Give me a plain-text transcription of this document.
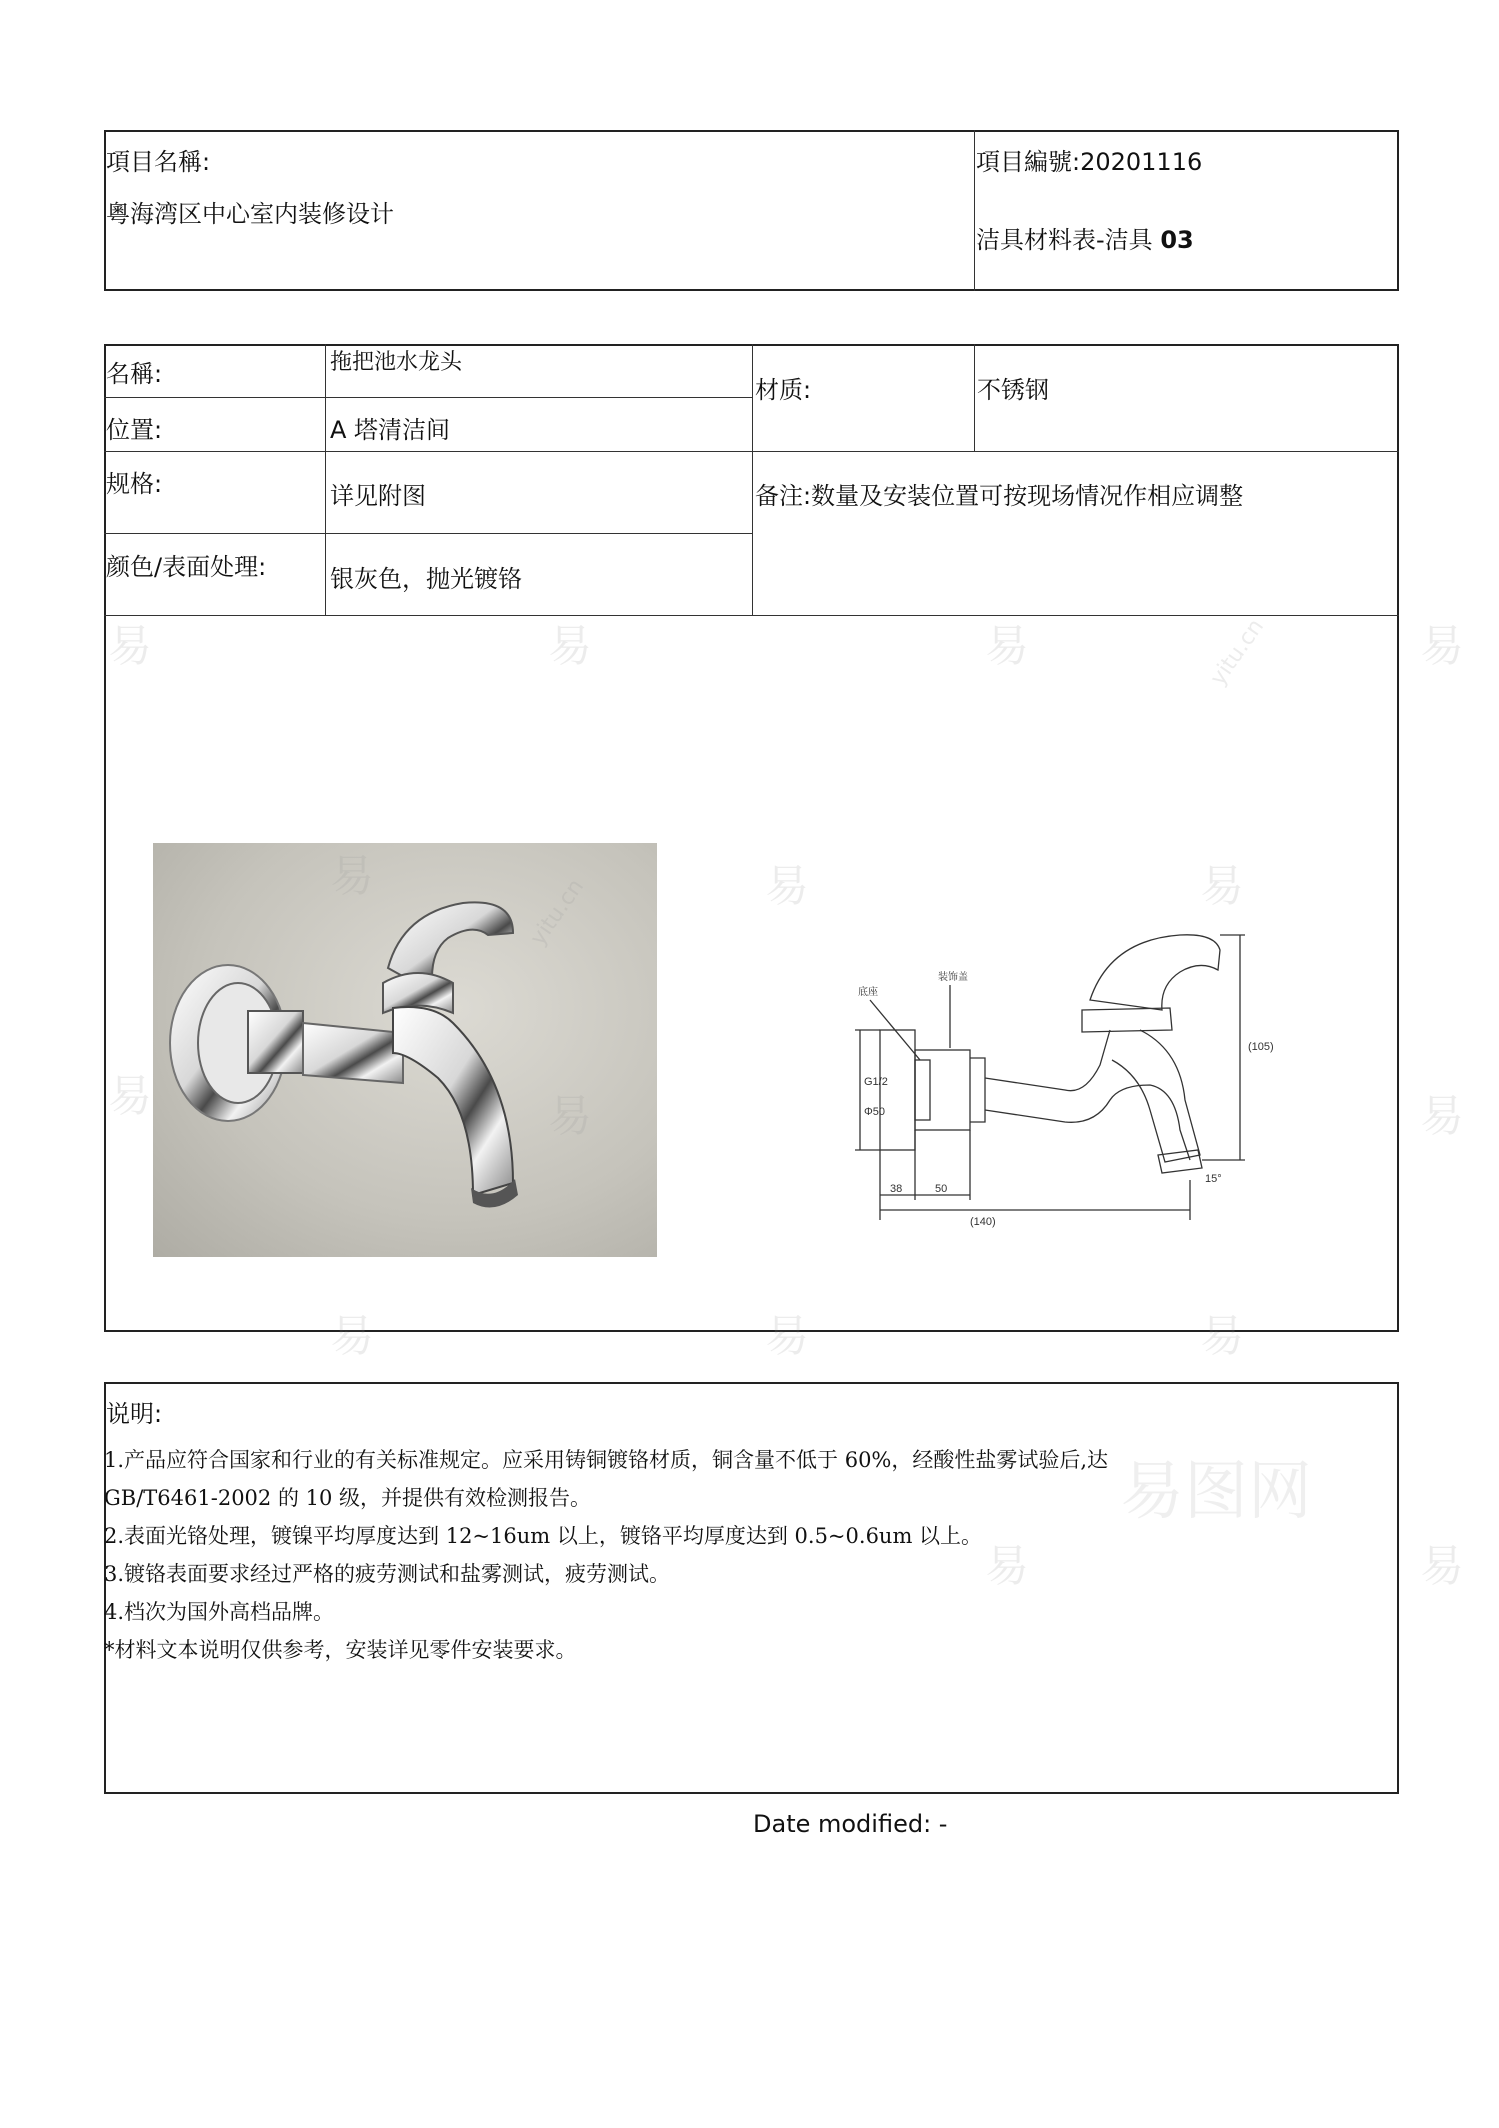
項目名稱:
粵海湾区中心室内装修设计
項目編號:20201116
洁具材料表-洁具 03
名稱:	拖把池水龙头
材质:	不锈钢
位置:	A 塔清洁间
规格:	详见附图	备注:数量及安装位置可按现场情况作相应调整
颜色/表面处理:	银灰色，抛光镀铬
(140)
38	50
(105)
G1/2
Φ50
15°
底座
装饰盖
说明:
1.产品应符合国家和行业的有关标准规定。应采用铸铜镀铬材质，铜含量不低于 60%，经酸性盐雾试验后,达
GB/T6461-2002 的 10 级，并提供有效检测报告。
2.表面光铬处理，镀镍平均厚度达到 12~16um 以上，镀铬平均厚度达到 0.5~0.6um 以上。
3.镀铬表面要求经过严格的疲劳测试和盐雾测试，疲劳测试。
4.档次为国外高档品牌。
*材料文本说明仅供参考，安装详见零件安装要求。
Date modified: -
易	易	易	易
易	易
易	易
易	易	易
易	易
yitu.cn
易图网
